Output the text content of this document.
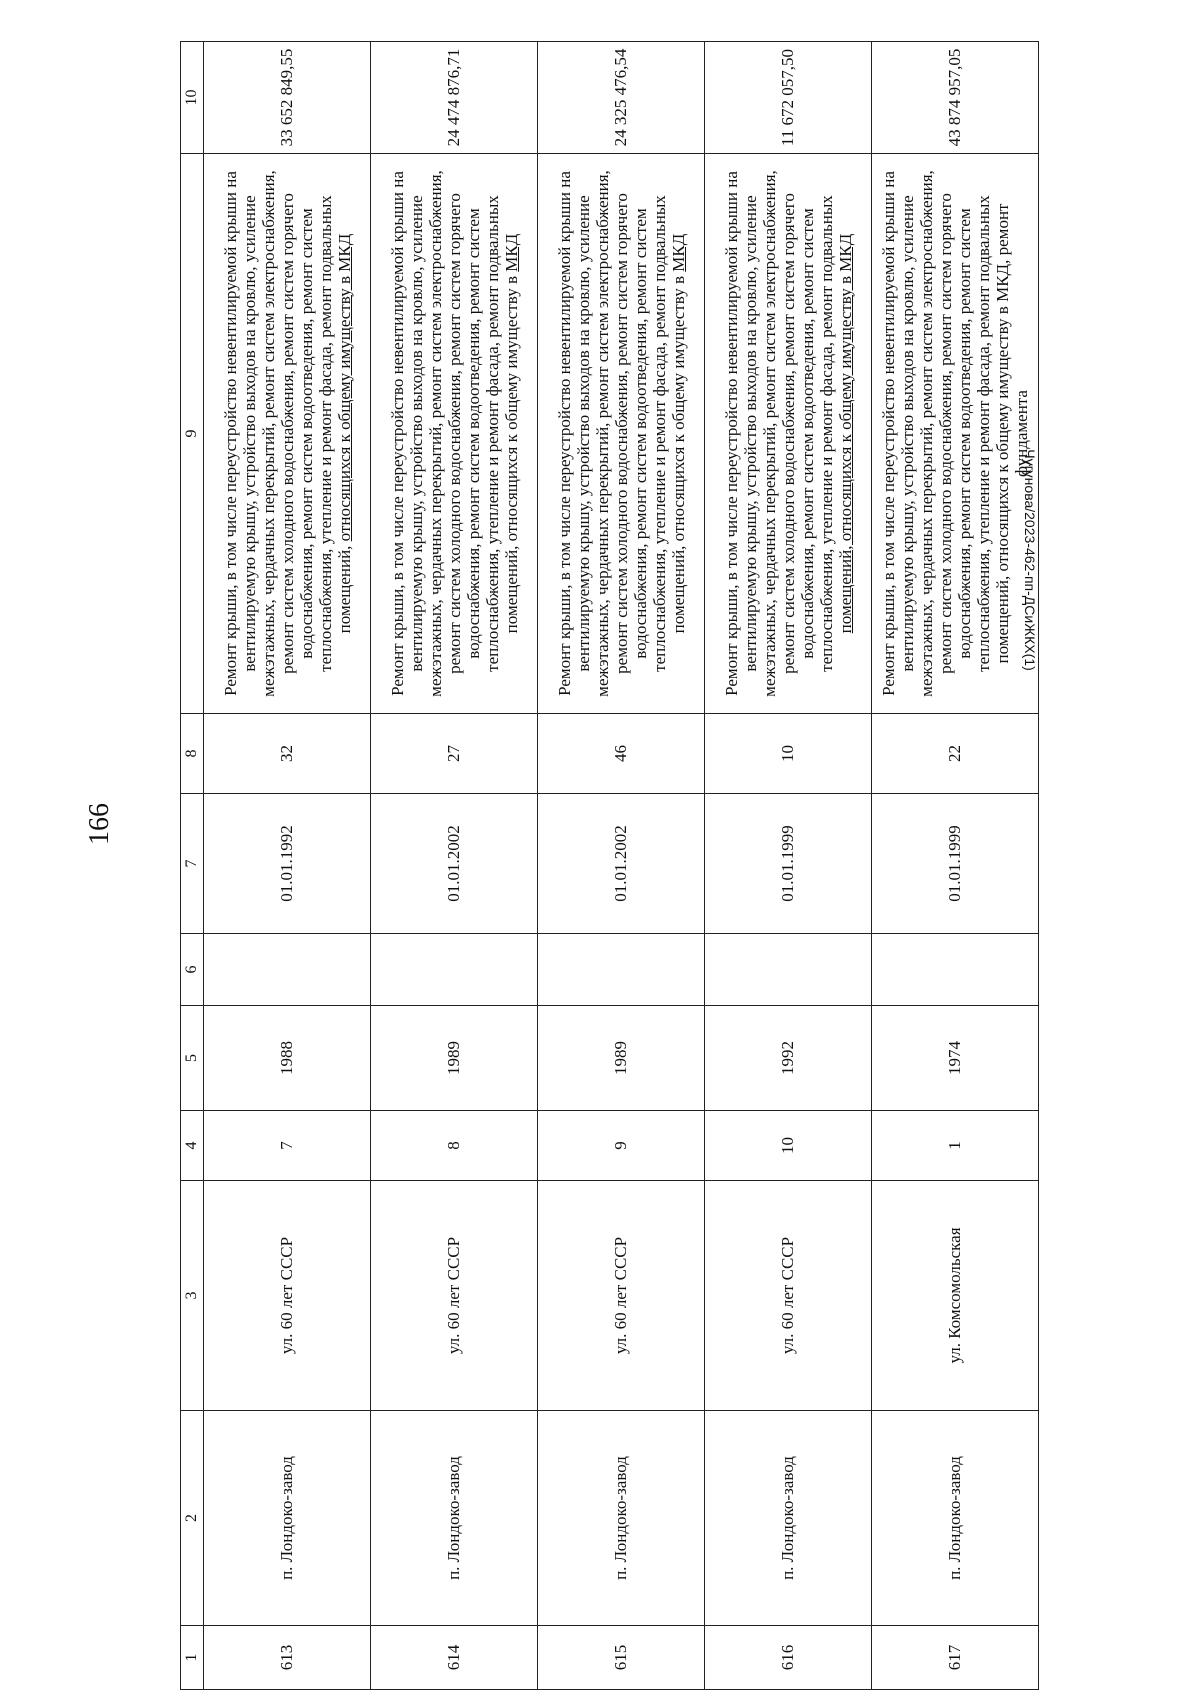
166
Чугунова/2023-462-пп-ДСиЖКХ(1)
1	2	3	4	5	6	7	8	9	10
613	п. Лондоко-завод	ул. 60 лет СССР	7	1988		01.01.1992	32	Ремонт крыши, в том числе переустройство невентилируемой крыши на вентилируемую крышу, устройство выходов на кровлю, усиление межэтажных, чердачных перекрытий, ремонт систем электроснабжения, ремонт систем холодного водоснабжения, ремонт систем горячего водоснабжения, ремонт систем водоотведения, ремонт систем теплоснабжения, утепление и ремонт фасада, ремонт подвальных помещений, относящихся к общему имуществу в МКД	33 652 849,55
614	п. Лондоко-завод	ул. 60 лет СССР	8	1989		01.01.2002	27	Ремонт крыши, в том числе переустройство невентилируемой крыши на вентилируемую крышу, устройство выходов на кровлю, усиление межэтажных, чердачных перекрытий, ремонт систем электроснабжения, ремонт систем холодного водоснабжения, ремонт систем горячего водоснабжения, ремонт систем водоотведения, ремонт систем теплоснабжения, утепление и ремонт фасада, ремонт подвальных помещений, относящихся к общему имуществу в МКД	24 474 876,71
615	п. Лондоко-завод	ул. 60 лет СССР	9	1989		01.01.2002	46	Ремонт крыши, в том числе переустройство невентилируемой крыши на вентилируемую крышу, устройство выходов на кровлю, усиление межэтажных, чердачных перекрытий, ремонт систем электроснабжения, ремонт систем холодного водоснабжения, ремонт систем горячего водоснабжения, ремонт систем водоотведения, ремонт систем теплоснабжения, утепление и ремонт фасада, ремонт подвальных помещений, относящихся к общему имуществу в МКД	24 325 476,54
616	п. Лондоко-завод	ул. 60 лет СССР	10	1992		01.01.1999	10	Ремонт крыши, в том числе переустройство невентилируемой крыши на вентилируемую крышу, устройство выходов на кровлю, усиление межэтажных, чердачных перекрытий, ремонт систем электроснабжения, ремонт систем холодного водоснабжения, ремонт систем горячего водоснабжения, ремонт систем водоотведения, ремонт систем теплоснабжения, утепление и ремонт фасада, ремонт подвальных помещений, относящихся к общему имуществу в МКД	11 672 057,50
617	п. Лондоко-завод	ул. Комсомольская	1	1974		01.01.1999	22	Ремонт крыши, в том числе переустройство невентилируемой крыши на вентилируемую крышу, устройство выходов на кровлю, усиление межэтажных, чердачных перекрытий, ремонт систем электроснабжения, ремонт систем холодного водоснабжения, ремонт систем горячего водоснабжения, ремонт систем водоотведения, ремонт систем теплоснабжения, утепление и ремонт фасада, ремонт подвальных помещений, относящихся к общему имуществу в МКД, ремонт фундамента	43 874 957,05
